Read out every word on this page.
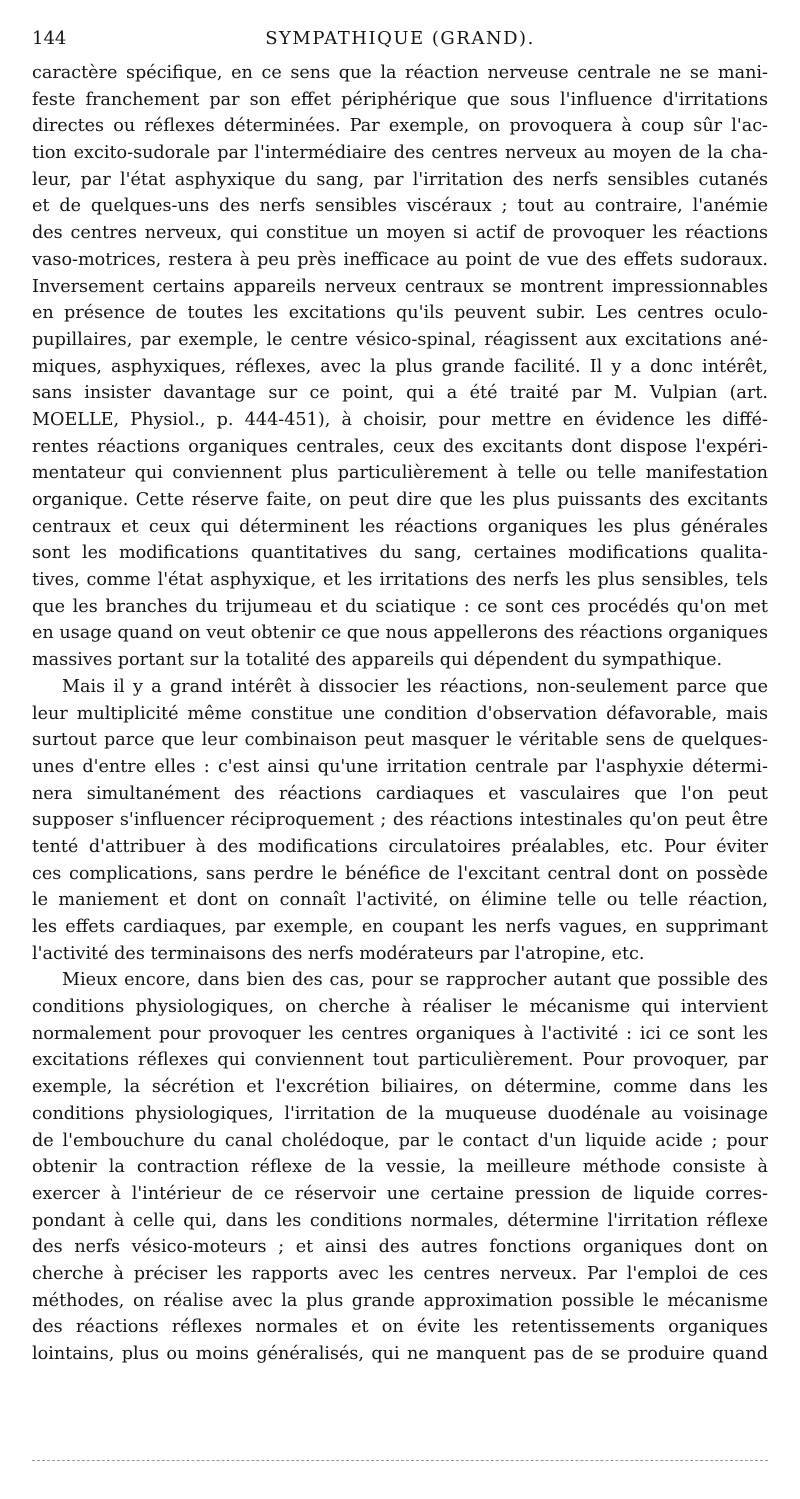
144	SYMPATHIQUE (GRAND).
caractère spécifique, en ce sens que la réaction nerveuse centrale ne se mani-
feste franchement par son effet périphérique que sous l'influence d'irritations
directes ou réflexes déterminées. Par exemple, on provoquera à coup sûr l'ac-
tion excito-sudorale par l'intermédiaire des centres nerveux au moyen de la cha-
leur, par l'état asphyxique du sang, par l'irritation des nerfs sensibles cutanés
et de quelques-uns des nerfs sensibles viscéraux ; tout au contraire, l'anémie
des centres nerveux, qui constitue un moyen si actif de provoquer les réactions
vaso-motrices, restera à peu près inefficace au point de vue des effets sudoraux.
Inversement certains appareils nerveux centraux se montrent impressionnables
en présence de toutes les excitations qu'ils peuvent subir. Les centres oculo-
pupillaires, par exemple, le centre vésico-spinal, réagissent aux excitations ané-
miques, asphyxiques, réflexes, avec la plus grande facilité. Il y a donc intérêt,
sans insister davantage sur ce point, qui a été traité par M. Vulpian (art.
MOELLE, Physiol., p. 444-451), à choisir, pour mettre en évidence les diffé-
rentes réactions organiques centrales, ceux des excitants dont dispose l'expéri-
mentateur qui conviennent plus particulièrement à telle ou telle manifestation
organique. Cette réserve faite, on peut dire que les plus puissants des excitants
centraux et ceux qui déterminent les réactions organiques les plus générales
sont les modifications quantitatives du sang, certaines modifications qualita-
tives, comme l'état asphyxique, et les irritations des nerfs les plus sensibles, tels
que les branches du trijumeau et du sciatique : ce sont ces procédés qu'on met
en usage quand on veut obtenir ce que nous appellerons des réactions organiques
massives portant sur la totalité des appareils qui dépendent du sympathique.
Mais il y a grand intérêt à dissocier les réactions, non-seulement parce que
leur multiplicité même constitue une condition d'observation défavorable, mais
surtout parce que leur combinaison peut masquer le véritable sens de quelques-
unes d'entre elles : c'est ainsi qu'une irritation centrale par l'asphyxie détermi-
nera simultanément des réactions cardiaques et vasculaires que l'on peut
supposer s'influencer réciproquement ; des réactions intestinales qu'on peut être
tenté d'attribuer à des modifications circulatoires préalables, etc. Pour éviter
ces complications, sans perdre le bénéfice de l'excitant central dont on possède
le maniement et dont on connaît l'activité, on élimine telle ou telle réaction,
les effets cardiaques, par exemple, en coupant les nerfs vagues, en supprimant
l'activité des terminaisons des nerfs modérateurs par l'atropine, etc.
Mieux encore, dans bien des cas, pour se rapprocher autant que possible des
conditions physiologiques, on cherche à réaliser le mécanisme qui intervient
normalement pour provoquer les centres organiques à l'activité : ici ce sont les
excitations réflexes qui conviennent tout particulièrement. Pour provoquer, par
exemple, la sécrétion et l'excrétion biliaires, on détermine, comme dans les
conditions physiologiques, l'irritation de la muqueuse duodénale au voisinage
de l'embouchure du canal cholédoque, par le contact d'un liquide acide ; pour
obtenir la contraction réflexe de la vessie, la meilleure méthode consiste à
exercer à l'intérieur de ce réservoir une certaine pression de liquide corres-
pondant à celle qui, dans les conditions normales, détermine l'irritation réflexe
des nerfs vésico-moteurs ; et ainsi des autres fonctions organiques dont on
cherche à préciser les rapports avec les centres nerveux. Par l'emploi de ces
méthodes, on réalise avec la plus grande approximation possible le mécanisme
des réactions réflexes normales et on évite les retentissements organiques
lointains, plus ou moins généralisés, qui ne manquent pas de se produire quand
